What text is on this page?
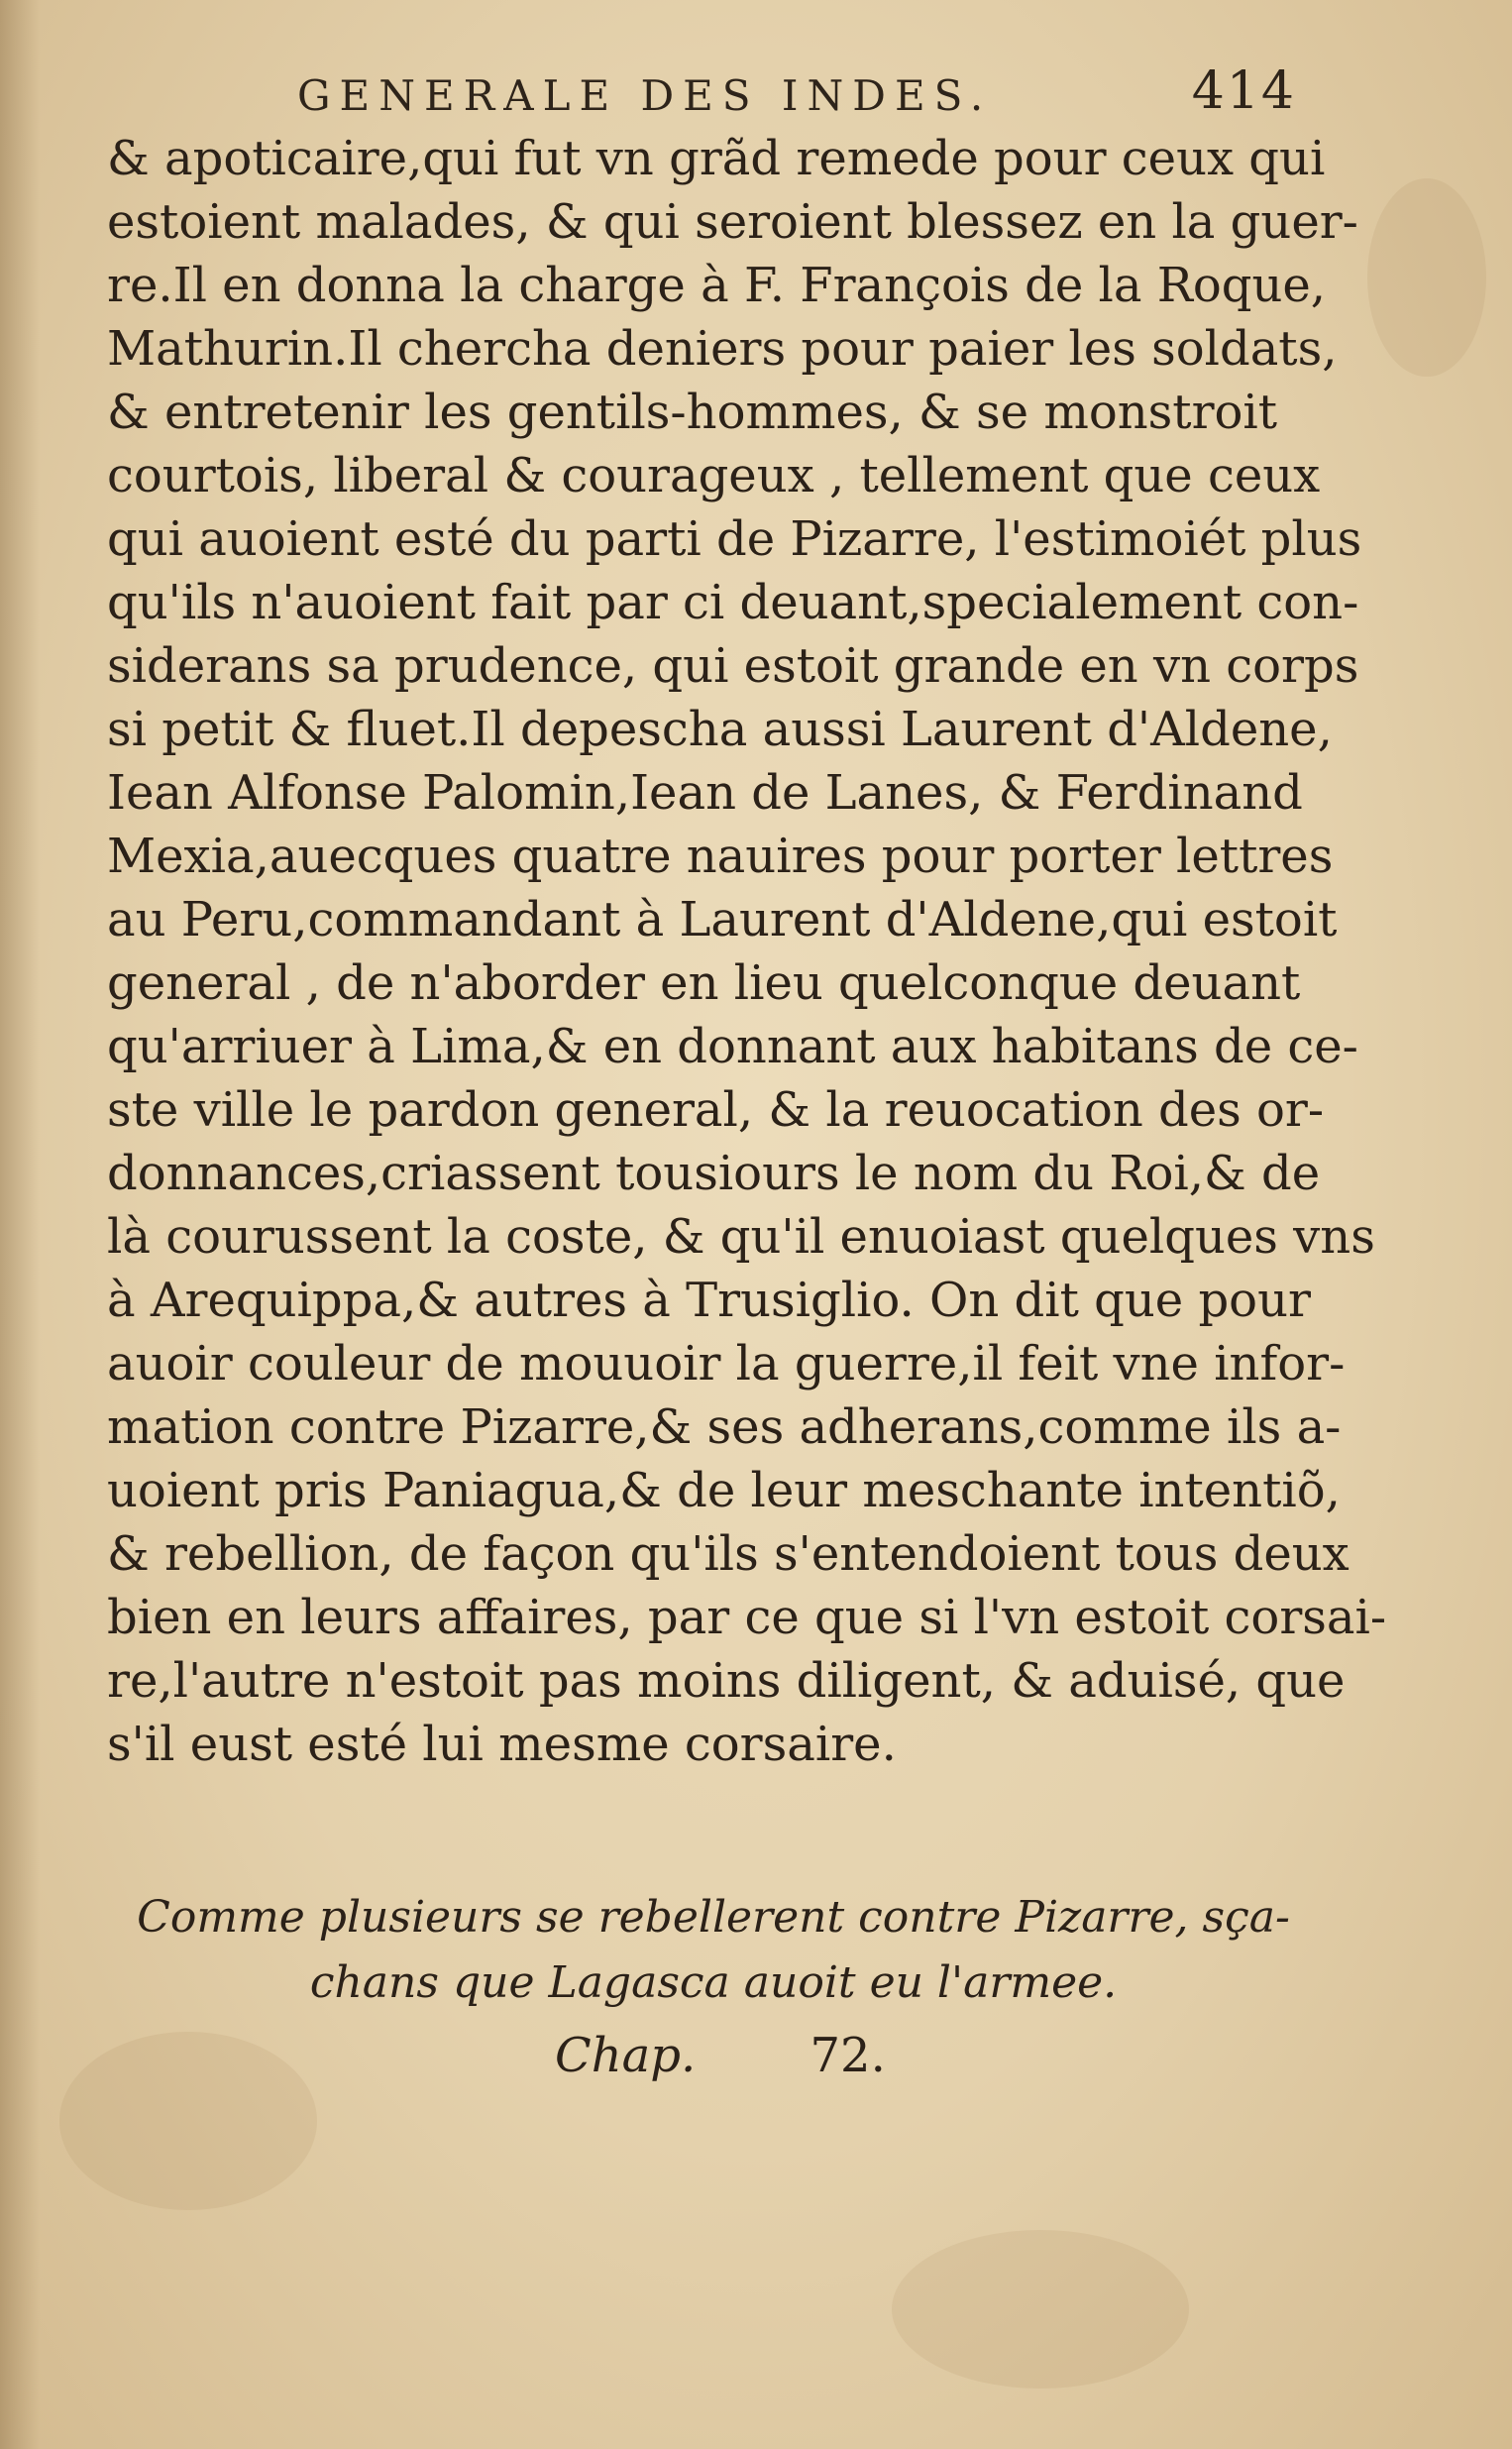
GENERALE DES INDES.	414
& apoticaire,qui fut vn grãd remede pour ceux qui
estoient malades, & qui seroient blessez en la guer-
re.Il en donna la charge à F. François de la Roque,
Mathurin.Il chercha deniers pour paier les soldats,
& entretenir les gentils-hommes, & se monstroit
courtois, liberal & courageux , tellement que ceux
qui auoient esté du parti de Pizarre, l'estimoiét plus
qu'ils n'auoient fait par ci deuant,specialement con-
siderans sa prudence, qui estoit grande en vn corps
si petit & fluet.Il depescha aussi Laurent d'Aldene,
Iean Alfonse Palomin,Iean de Lanes, & Ferdinand
Mexia,auecques quatre nauires pour porter lettres
au Peru,commandant à Laurent d'Aldene,qui estoit
general , de n'aborder en lieu quelconque deuant
qu'arriuer à Lima,& en donnant aux habitans de ce-
ste ville le pardon general, & la reuocation des or-
donnances,criassent tousiours le nom du Roi,& de
là courussent la coste, & qu'il enuoiast quelques vns
à Arequippa,& autres à Trusiglio. On dit que pour
auoir couleur de mouuoir la guerre,il feit vne infor-
mation contre Pizarre,& ses adherans,comme ils a-
uoient pris Paniagua,& de leur meschante intentiõ,
& rebellion, de façon qu'ils s'entendoient tous deux
bien en leurs affaires, par ce que si l'vn estoit corsai-
re,l'autre n'estoit pas moins diligent, & aduisé, que
s'il eust esté lui mesme corsaire.
Comme plusieurs se rebellerent contre Pizarre, sça-
chans que Lagasca auoit eu l'armee.
Chap. 72.
